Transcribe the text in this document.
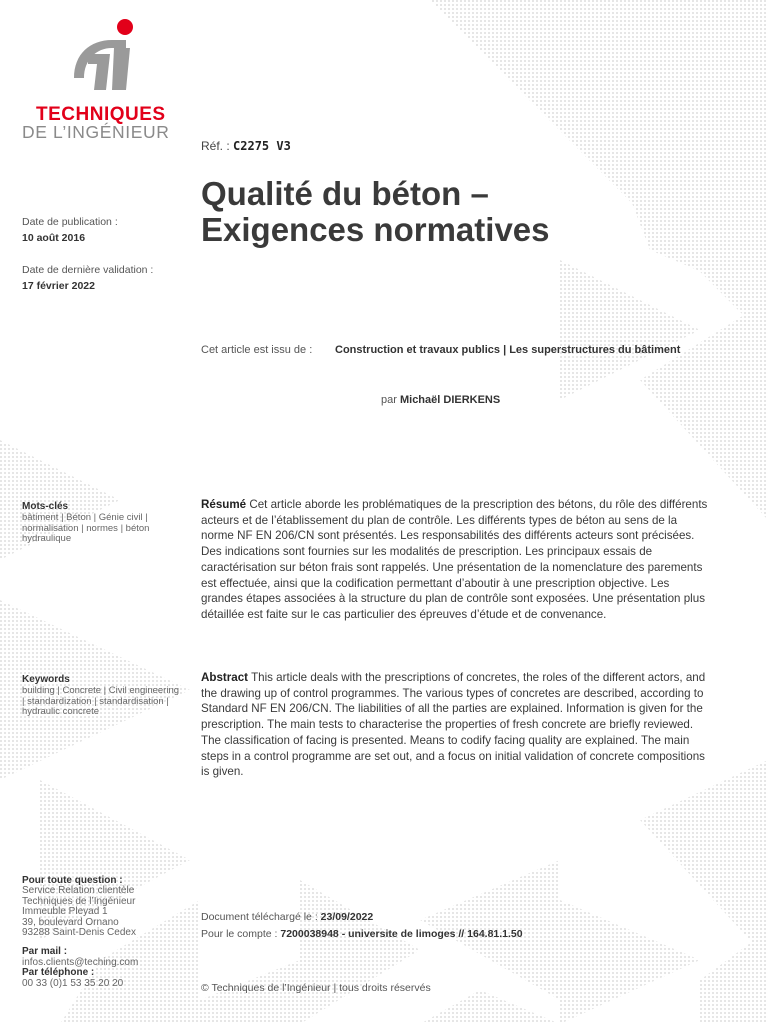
TECHNIQUES
DE L’INGÉNIEUR
Réf. : C2275 V3
Qualité du béton –
Exigences normatives
Date de publication :
10 août 2016
Date de dernière validation :
17 février 2022
Cet article est issu de : Construction et travaux publics | Les superstructures du bâtiment
par Michaël DIERKENS
Mots-clés
bâtiment | Béton | Génie civil | normalisation | normes | béton hydraulique

Résumé Cet article aborde les problématiques de la prescription des bétons, du rôle des différents acteurs et de l’établissement du plan de contrôle. Les différents types de béton au sens de la norme NF EN 206/CN sont présentés. Les responsabilités des différents acteurs sont précisées. Des indications sont fournies sur les modalités de prescription. Les principaux essais de caractérisation sur béton frais sont rappelés. Une présentation de la nomenclature des parements est effectuée, ainsi que la codification permettant d’aboutir à une prescription objective. Les grandes étapes associées à la structure du plan de contrôle sont exposées. Une présentation plus détaillée est faite sur le cas particulier des épreuves d’étude et de convenance.

Keywords
building | Concrete | Civil engineering | standardization | standardisation | hydraulic concrete

Abstract This article deals with the prescriptions of concretes, the roles of the different actors, and the drawing up of control programmes. The various types of concretes are described, according to Standard NF EN 206/CN. The liabilities of all the parties are explained. Information is given for the prescription. The main tests to characterise the properties of fresh concrete are briefly reviewed. The classification of facing is presented. Means to codify facing quality are explained. The main steps in a control programme are set out, and a focus on initial validation of concrete compositions is given.

Pour toute question :
Service Relation clientèle
Techniques de l’Ingénieur
Immeuble Pleyad 1
39, boulevard Ornano
93288 Saint-Denis Cedex
Par mail :
infos.clients@teching.com
Par téléphone :
00 33 (0)1 53 35 20 20
Document téléchargé le : 23/09/2022
Pour le compte : 7200038948 - universite de limoges // 164.81.1.50
© Techniques de l’Ingénieur | tous droits réservés
